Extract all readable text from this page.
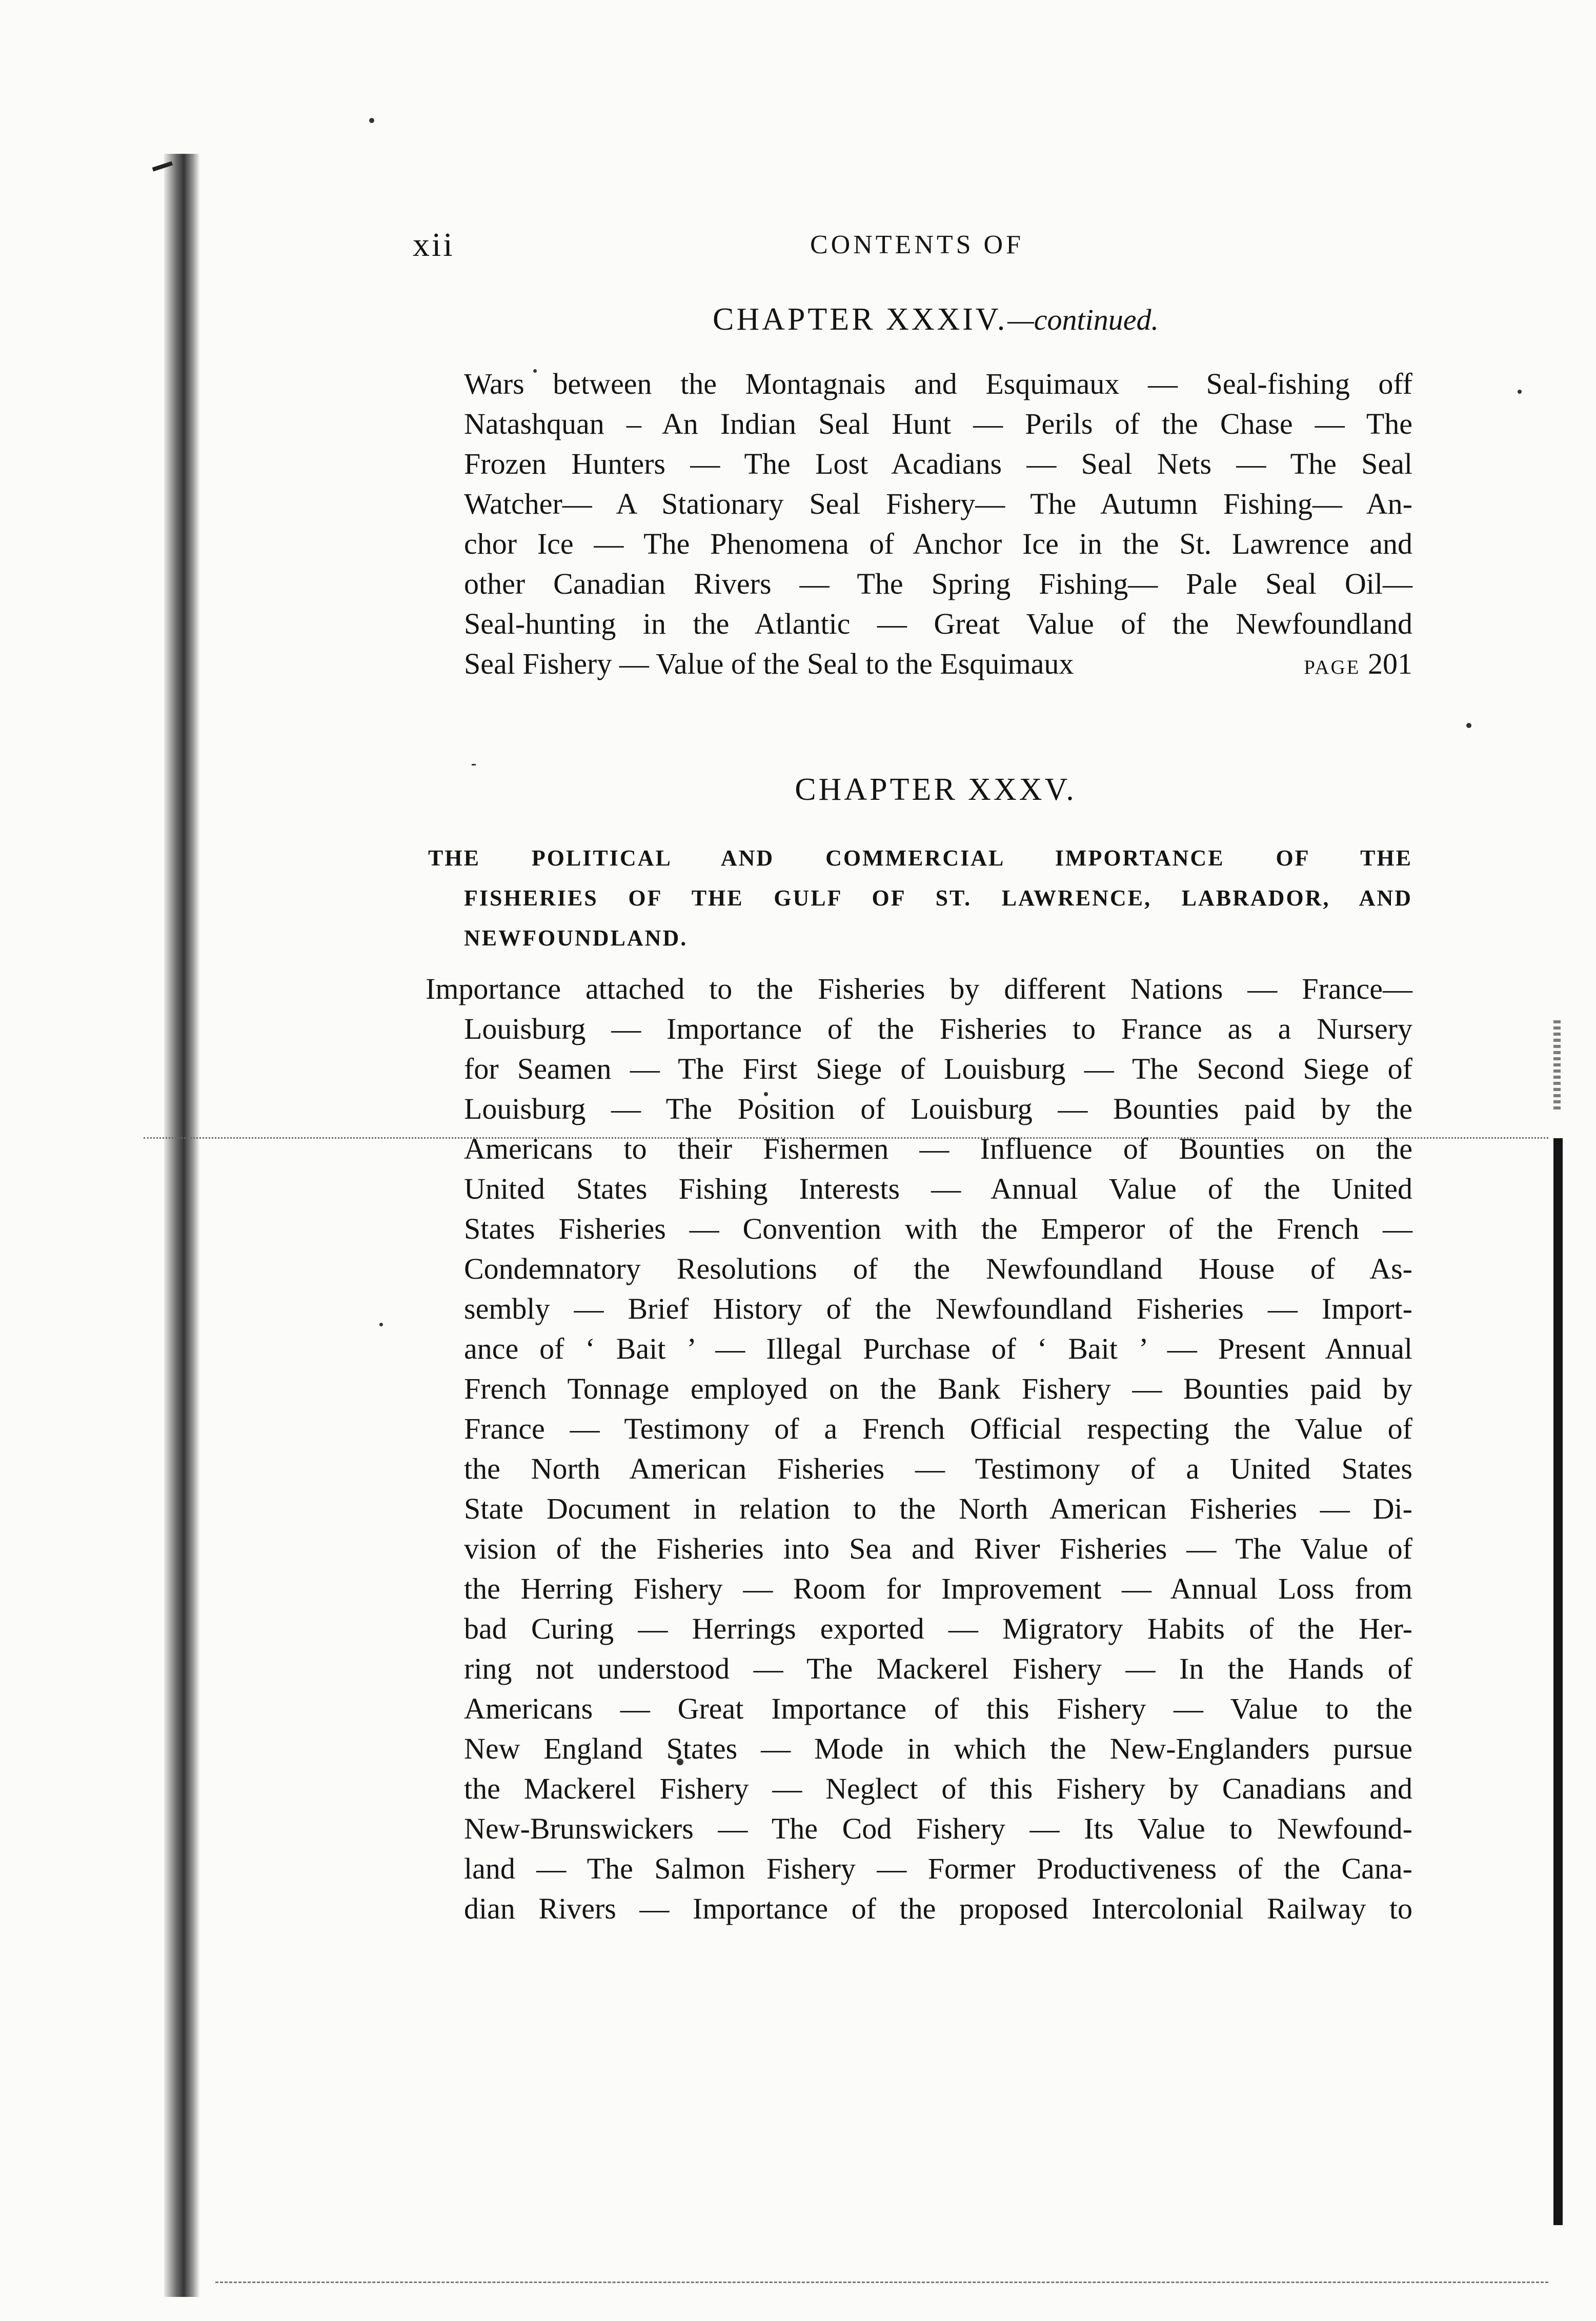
xii	CONTENTS OF
CHAPTER XXXIV.—continued.
Wars between the Montagnais and Esquimaux — Seal-fishing off
Natashquan – An Indian Seal Hunt — Perils of the Chase — The
Frozen Hunters — The Lost Acadians — Seal Nets — The Seal
Watcher— A Stationary Seal Fishery— The Autumn Fishing— An-
chor Ice — The Phenomena of Anchor Ice in the St. Lawrence and
other Canadian Rivers — The Spring Fishing— Pale Seal Oil—
Seal-hunting in the Atlantic — Great Value of the Newfoundland
Seal Fishery — Value of the Seal to the Esquimaux	page 201
CHAPTER XXXV.
THE POLITICAL AND COMMERCIAL IMPORTANCE OF THE
FISHERIES OF THE GULF OF ST. LAWRENCE, LABRADOR, AND
NEWFOUNDLAND.
Importance attached to the Fisheries by different Nations — France—
Louisburg — Importance of the Fisheries to France as a Nursery
for Seamen — The First Siege of Louisburg — The Second Siege of
Louisburg — The Position of Louisburg — Bounties paid by the
Americans to their Fishermen — Influence of Bounties on the
United States Fishing Interests — Annual Value of the United
States Fisheries — Convention with the Emperor of the French —
Condemnatory Resolutions of the Newfoundland House of As-
sembly — Brief History of the Newfoundland Fisheries — Import-
ance of ‘ Bait ’ — Illegal Purchase of ‘ Bait ’ — Present Annual
French Tonnage employed on the Bank Fishery — Bounties paid by
France — Testimony of a French Official respecting the Value of
the North American Fisheries — Testimony of a United States
State Document in relation to the North American Fisheries — Di-
vision of the Fisheries into Sea and River Fisheries — The Value of
the Herring Fishery — Room for Improvement — Annual Loss from
bad Curing — Herrings exported — Migratory Habits of the Her-
ring not understood — The Mackerel Fishery — In the Hands of
Americans — Great Importance of this Fishery — Value to the
New England States — Mode in which the New-Englanders pursue
the Mackerel Fishery — Neglect of this Fishery by Canadians and
New-Brunswickers — The Cod Fishery — Its Value to Newfound-
land — The Salmon Fishery — Former Productiveness of the Cana-
dian Rivers — Importance of the proposed Intercolonial Railway to
